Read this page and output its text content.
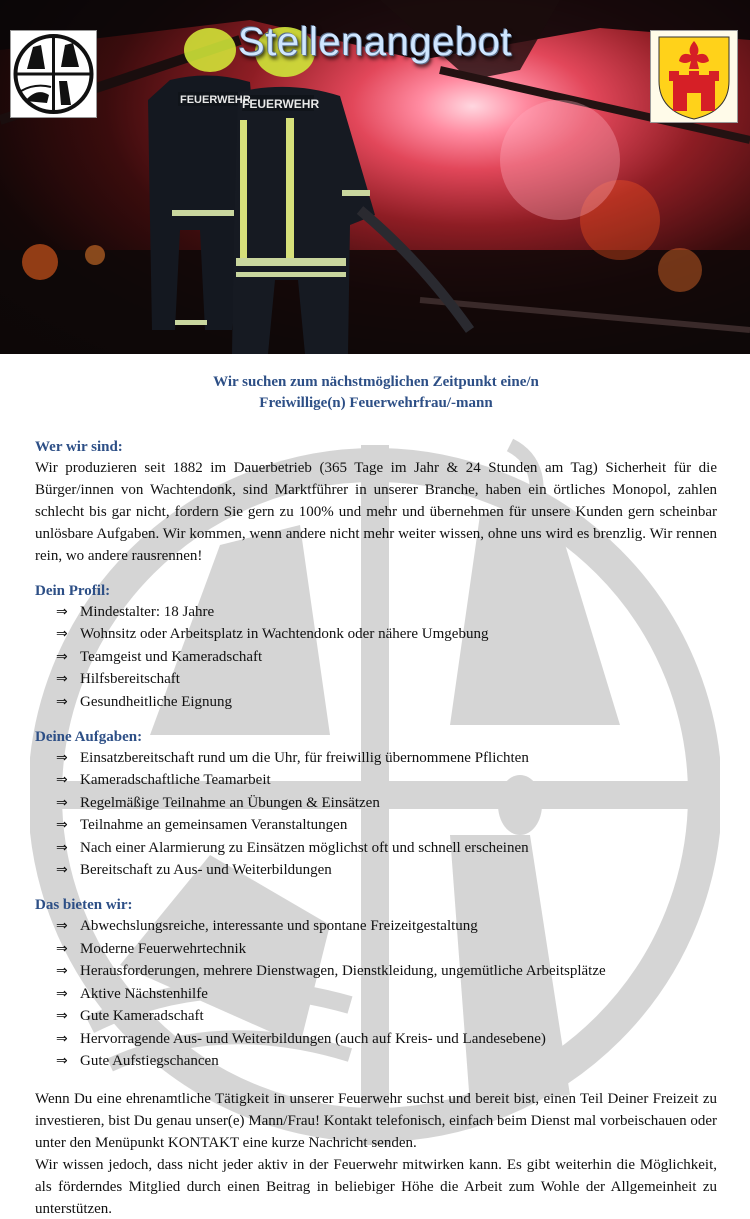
FEUERWEHR
FEUERWEHR
Stellenangebot
Wir suchen zum nächstmöglichen Zeitpunkt eine/n
Freiwillige(n) Feuerwehrfrau/-mann
Wer wir sind:

Wir produzieren seit 1882 im Dauerbetrieb (365 Tage im Jahr & 24 Stunden am Tag) Sicherheit für die Bürger/innen von Wachtendonk, sind Marktführer in unserer Branche, haben ein örtliches Monopol, zahlen schlecht bis gar nicht, fordern Sie gern zu 100% und mehr und übernehmen für unsere Kunden gern scheinbar unlösbare Aufgaben. Wir kommen, wenn andere nicht mehr weiter wissen, ohne uns wird es brenzlig. Wir rennen rein, wo andere rausrennen!

Dein Profil:
⇒ Mindestalter: 18 Jahre
⇒ Wohnsitz oder Arbeitsplatz in Wachtendonk oder nähere Umgebung
⇒ Teamgeist und Kameradschaft
⇒ Hilfsbereitschaft
⇒ Gesundheitliche Eignung
Deine Aufgaben:
⇒ Einsatzbereitschaft rund um die Uhr, für freiwillig übernommene Pflichten
⇒ Kameradschaftliche Teamarbeit
⇒ Regelmäßige Teilnahme an Übungen & Einsätzen
⇒ Teilnahme an gemeinsamen Veranstaltungen
⇒ Nach einer Alarmierung zu Einsätzen möglichst oft und schnell erscheinen
⇒ Bereitschaft zu Aus- und Weiterbildungen
Das bieten wir:
⇒ Abwechslungsreiche, interessante und spontane Freizeitgestaltung
⇒ Moderne Feuerwehrtechnik
⇒ Herausforderungen, mehrere Dienstwagen, Dienstkleidung, ungemütliche Arbeitsplätze
⇒ Aktive Nächstenhilfe
⇒ Gute Kameradschaft
⇒ Hervorragende Aus- und Weiterbildungen (auch auf Kreis- und Landesebene)
⇒ Gute Aufstiegschancen

Wenn Du eine ehrenamtliche Tätigkeit in unserer Feuerwehr suchst und bereit bist, einen Teil Deiner Freizeit zu investieren, bist Du genau unser(e) Mann/Frau! Kontakt telefonisch, einfach beim Dienst mal vorbeischauen oder unter den Menüpunkt KONTAKT eine kurze Nachricht senden.

Wir wissen jedoch, dass nicht jeder aktiv in der Feuerwehr mitwirken kann. Es gibt weiterhin die Möglichkeit, als förderndes Mitglied durch einen Beitrag in beliebiger Höhe die Arbeit zum Wohle der Allgemeinheit zu unterstützen.
